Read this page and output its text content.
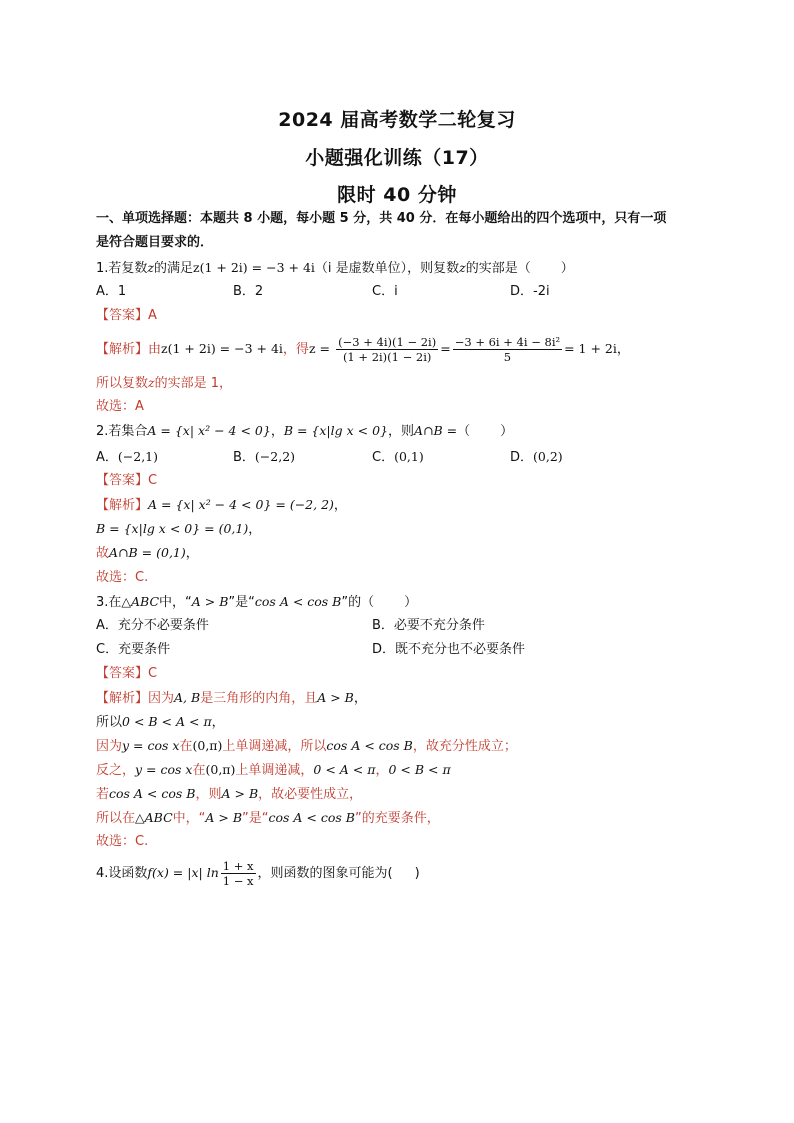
2024 届高考数学二轮复习
小题强化训练（17）
限时 40 分钟
一、单项选择题：本题共 8 小题，每小题 5 分，共 40 分．在每小题给出的四个选项中，只有一项
是符合题目要求的．
1.若复数z的满足z(1 + 2i) = −3 + 4i（i 是虚数单位），则复数z的实部是（ ）
A．1	B．2	C．i	D．-2i
【答案】A
【解析】由z(1 + 2i) = −3 + 4i，得$z = \frac{(-3 + 4i)(1 - 2i)}{(1 + 2i)(1 - 2i)} = \frac{\text{−3 + 6i + 4i − 8i²}}{5} = 1 + 2i$，
所以复数z的实部是 1，
故选：A
2.若集合A = {x| x² − 4 < 0}，B = {x|lg x < 0}，则A∩B =（ ）
A．(−2,1)	B．(−2,2)	C．(0,1)	D．(0,2)
【答案】C
【解析】A = {x| x² − 4 < 0} = (−2, 2)，
B = {x|lg x < 0} = (0,1)，
故A∩B = (0,1)，
故选：C.
3.在△ABC中，“A > B”是“cos A < cos B”的（ ）
A．充分不必要条件	B．必要不充分条件
C．充要条件	D．既不充分也不必要条件
【答案】C
【解析】因为A, B是三角形的内角，且A > B，
所以0 < B < A < π，
因为y = cos x在(0,π)上单调递减，所以cos A < cos B，故充分性成立；
反之，y = cos x在(0,π)上单调递减，0 < A < π，0 < B < π
若cos A < cos B，则A > B，故必要性成立，
所以在△ABC中，“A > B”是“cos A < cos B”的充要条件，
故选：C.
4.设函数f(x) = |x| $\ln \frac{1 + x}{1 - x}$ ，则函数的图象可能为( )
